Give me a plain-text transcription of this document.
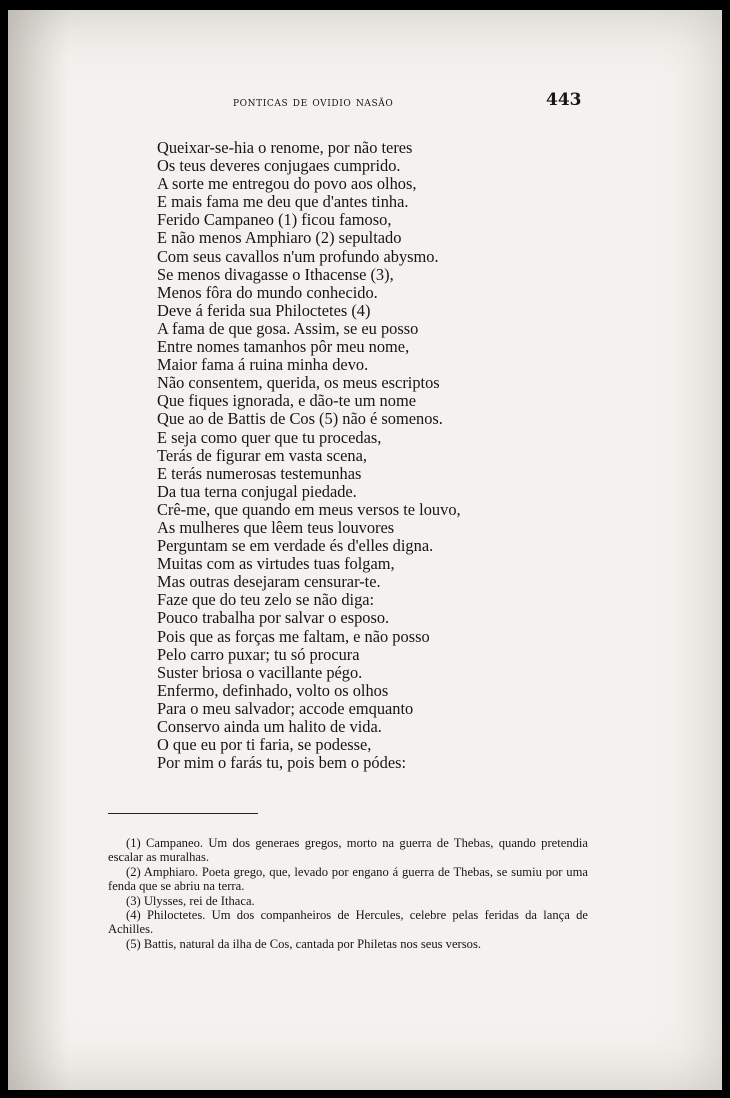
ponticas de ovidio nasão	443
Queixar-se-hia o renome, por não teres
Os teus deveres conjugaes cumprido.
A sorte me entregou do povo aos olhos,
E mais fama me deu que d'antes tinha.
Ferido Campaneo (1) ficou famoso,
E não menos Amphiaro (2) sepultado
Com seus cavallos n'um profundo abysmo.
Se menos divagasse o Ithacense (3),
Menos fôra do mundo conhecido.
Deve á ferida sua Philoctetes (4)
A fama de que gosa. Assim, se eu posso
Entre nomes tamanhos pôr meu nome,
Maior fama á ruina minha devo.
Não consentem, querida, os meus escriptos
Que fiques ignorada, e dão-te um nome
Que ao de Battis de Cos (5) não é somenos.
E seja como quer que tu procedas,
Terás de figurar em vasta scena,
E terás numerosas testemunhas
Da tua terna conjugal piedade.
Crê-me, que quando em meus versos te louvo,
As mulheres que lêem teus louvores
Perguntam se em verdade és d'elles digna.
Muitas com as virtudes tuas folgam,
Mas outras desejaram censurar-te.
Faze que do teu zelo se não diga:
Pouco trabalha por salvar o esposo.
Pois que as forças me faltam, e não posso
Pelo carro puxar; tu só procura
Suster briosa o vacillante pégo.
Enfermo, definhado, volto os olhos
Para o meu salvador; accode emquanto
Conservo ainda um halito de vida.
O que eu por ti faria, se podesse,
Por mim o farás tu, pois bem o pódes:

(1) Campaneo. Um dos generaes gregos, morto na guerra de Thebas, quando pretendia escalar as muralhas.

(2) Amphiaro. Poeta grego, que, levado por engano á guerra de Thebas, se sumiu por uma fenda que se abriu na terra.

(3) Ulysses, rei de Ithaca.

(4) Philoctetes. Um dos companheiros de Hercules, celebre pelas feridas da lança de Achilles.

(5) Battis, natural da ilha de Cos, cantada por Philetas nos seus versos.
